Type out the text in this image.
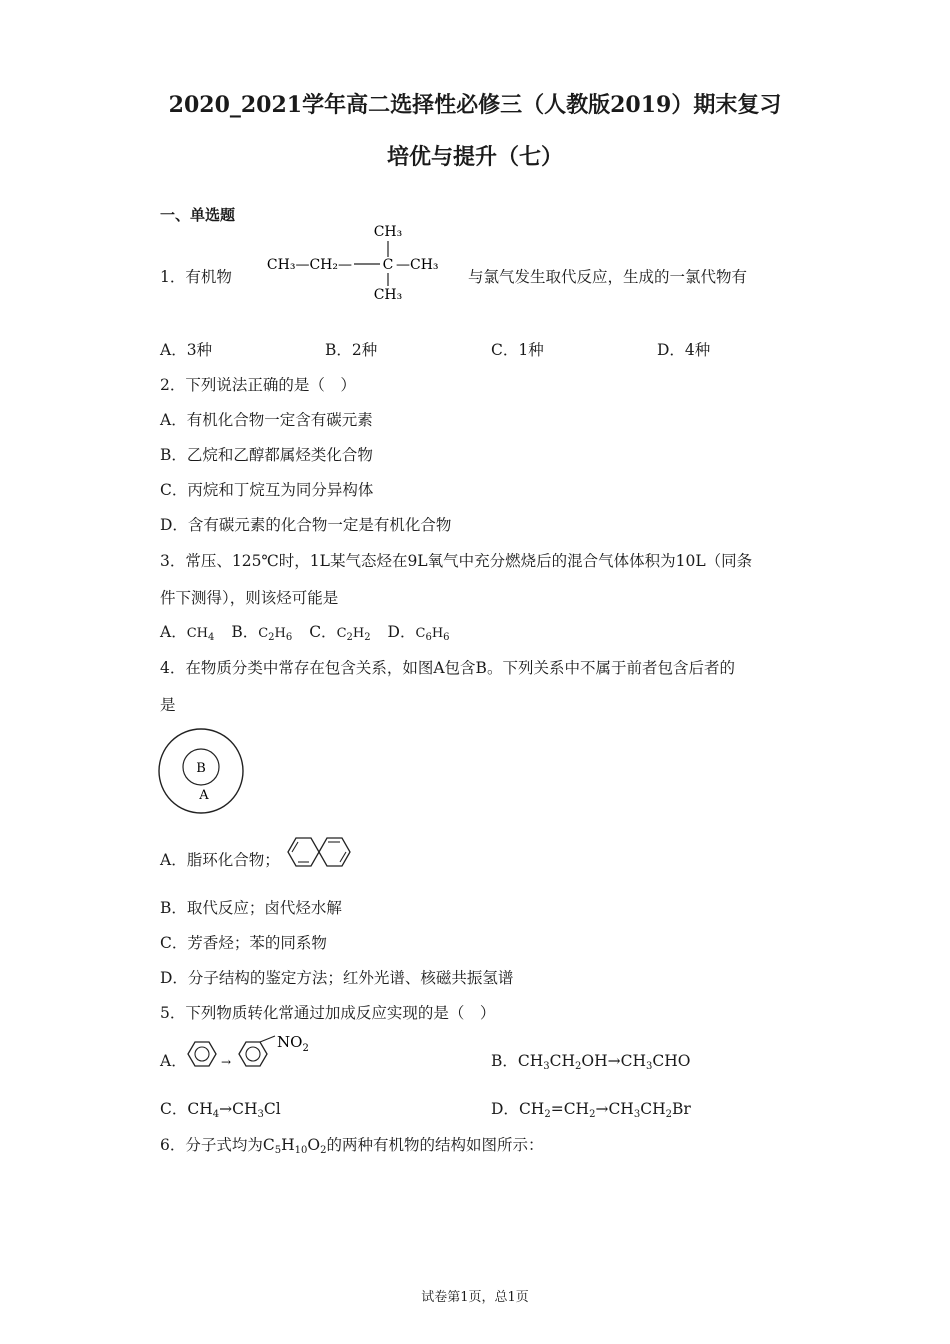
2020_2021学年高二选择性必修三（人教版2019）期末复习
培优与提升（七）
一、单选题
1．有机物
CH₃
CH₃—CH₂— C —CH₃
CH₃
与氯气发生取代反应，生成的一氯代物有
A．3种	B．2种	C．1种	D．4种
2．下列说法正确的是（　）
A．有机化合物一定含有碳元素
B．乙烷和乙醇都属烃类化合物
C．丙烷和丁烷互为同分异构体
D．含有碳元素的化合物一定是有机化合物
3．常压、125℃时，1L某气态烃在9L氧气中充分燃烧后的混合气体体积为10L（同条
件下测得），则该烃可能是
A．CH4 B．C2H6 C．C2H2 D．C6H6
4．在物质分类中常存在包含关系，如图A包含B。下列关系中不属于前者包含后者的
是
B
A
A．脂环化合物；
B．取代反应；卤代烃水解
C．芳香烃；苯的同系物
D．分子结构的鉴定方法；红外光谱、核磁共振氢谱
5．下列物质转化常通过加成反应实现的是（　）
A．	→
$NO_2$
B．CH3CH2OH→CH3CHO
C．CH4→CH3Cl	D．CH2=CH2→CH3CH2Br
6．分子式均为C5H10O2的两种有机物的结构如图所示：
试卷第1页，总1页
